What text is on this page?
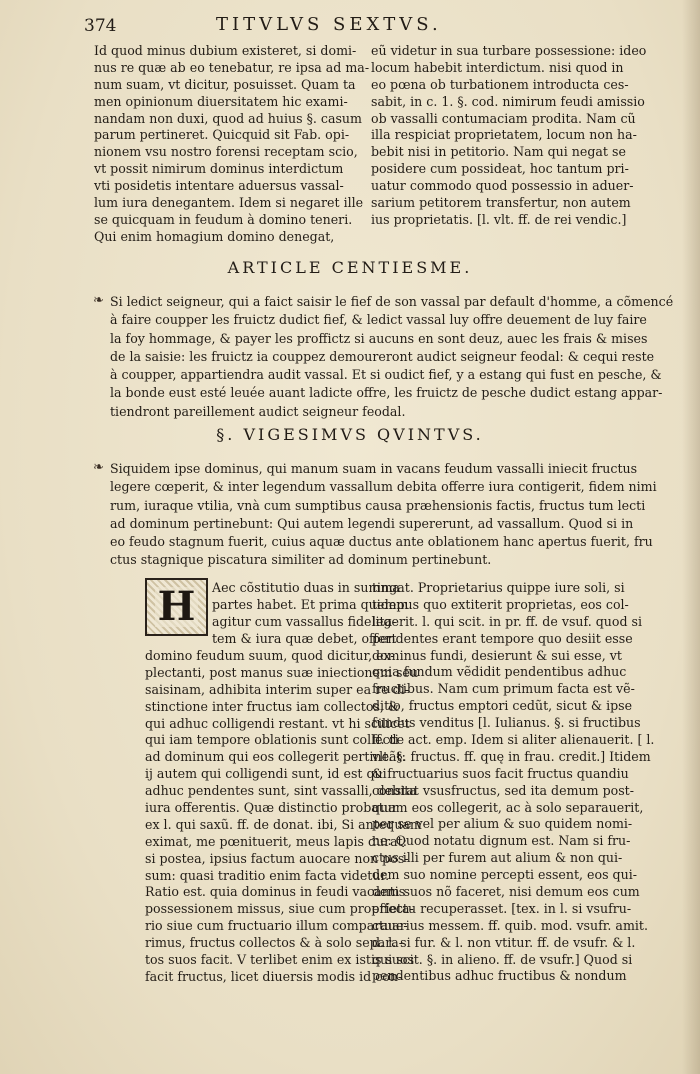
374	TITVLVS SEXTVS.
Id quod minus dubium existeret, si domi-
nus re quæ ab eo tenebatur, re ipsa ad ma-
num suam, vt dicitur, posuisset. Quam ta
men opinionum diuersitatem hic exami-
nandam non duxi, quod ad huius §. casum
parum pertineret. Quicquid sit Fab. opi-
nionem vsu nostro forensi receptam scio,
vt possit nimirum dominus interdictum
vti posidetis intentare aduersus vassal-
lum iura denegantem. Idem si negaret ille
se quicquam in feudum à domino teneri.
Qui enim homagium domino denegat,
eũ videtur in sua turbare possessione: ideo
locum habebit interdictum. nisi quod in
eo pœna ob turbationem introducta ces-
sabit, in c. 1. §. cod. nimirum feudi amissio
ob vassalli contumaciam prodita. Nam cũ
illa respiciat proprietatem, locum non ha-
bebit nisi in petitorio. Nam qui negat se
posidere cum possideat, hoc tantum pri-
uatur commodo quod possessio in aduer-
sarium petitorem transfertur, non autem
ius proprietatis. [l. vlt. ff. de rei vendic.]
ARTICLE CENTIESME.
❧ Si ledict seigneur, qui a faict saisir le fief de son vassal par default d'homme, a cõmencé
à faire coupper les fruictz dudict fief, & ledict vassal luy offre deuement de luy faire
la foy hommage, & payer les proffictz si aucuns en sont deuz, auec les frais & mises
de la saisie: les fruictz ia couppez demoureront audict seigneur feodal: & cequi reste
à coupper, appartiendra audit vassal. Et si oudict fief, y a estang qui fust en pesche, &
la bonde eust esté leuée auant ladicte offre, les fruictz de pesche dudict estang appar-
tiendront pareillement audict seigneur feodal.
§. VIGESIMVS QVINTVS.
❧ Siquidem ipse dominus, qui manum suam in vacans feudum vassalli iniecit fructus
legere cœperit, & inter legendum vassallum debita offerre iura contigerit, fidem nimi
rum, iuraque vtilia, vnà cum sumptibus causa præhensionis factis, fructus tum lecti
ad dominum pertinebunt: Qui autem legendi supererunt, ad vassallum. Quod si in
eo feudo stagnum fuerit, cuius aquæ ductus ante oblationem hanc apertus fuerit, fru
ctus stagnique piscatura similiter ad dominum pertinebunt.
H Aec cõstitutio duas in summa
partes habet. Et prima quidem
agitur cum vassallus fidelita-
tem & iura quæ debet, offert
domino feudum suum, quod dicitur, ex-
plectanti, post manus suæ iniectionem seu
saisinam, adhibita interim super ea re di-
stinctione inter fructus iam collectos, &
qui adhuc colligendi restant. vt hi scilicet
qui iam tempore oblationis sunt collecti
ad dominum qui eos collegerit pertineãt:
ij autem qui colligendi sunt, id est qui
adhuc pendentes sunt, sint vassalli, debita
iura offerentis. Quæ distinctio probatur
ex l. qui saxũ. ff. de donat. ibi, Si antequam
eximat, me pœnituerit, meus lapis durat:
si postea, ipsius factum auocare non pos-
sum: quasi traditio enim facta videtur.
Ratio est. quia dominus in feudi vacantis
possessionem missus, siue cum proprieta-
rio siue cum fructuario illum comparaue-
rimus, fructus collectos & à solo separa-
tos suos facit. V terlibet enim ex istis suos
facit fructus, licet diuersis modis id con-
tingat. Proprietarius quippe iure soli, si
tempus quo extiterit proprietas, eos col-
legerit. l. qui scit. in pr. ff. de vsuf. quod si
pendentes erant tempore quo desiit esse
dominus fundi, desierunt & sui esse, vt
quia fundum vẽdidit pendentibus adhuc
fructibus. Nam cum primum facta est vẽ-
ditio, fructus emptori cedũt, sicut & ipse
fundus venditus [l. Iulianus. §. si fructibus
ff. de act. emp. Idem si aliter alienauerit. [ l.
vlt. §. fructus. ff. quę in frau. credit.] Itidem
& fructuarius suos facit fructus quandiu
constat vsusfructus, sed ita demum post-
quam eos collegerit, ac à solo separauerit,
per se vel per alium & suo quidem nomi-
ne. Quod notatu dignum est. Nam si fru-
ctus illi per furem aut alium & non qui-
dem suo nomine percepti essent, eos qui-
dem suos nõ faceret, nisi demum eos cum
effectu recuperasset. [tex. in l. si vsufru-
ctuarius messem. ff. quib. mod. vsufr. amit.
d. l. si fur. & l. non vtitur. ff. de vsufr. & l.
qui scit. §. in alieno. ff. de vsufr.] Quod si
pendentibus adhuc fructibus & nondum
